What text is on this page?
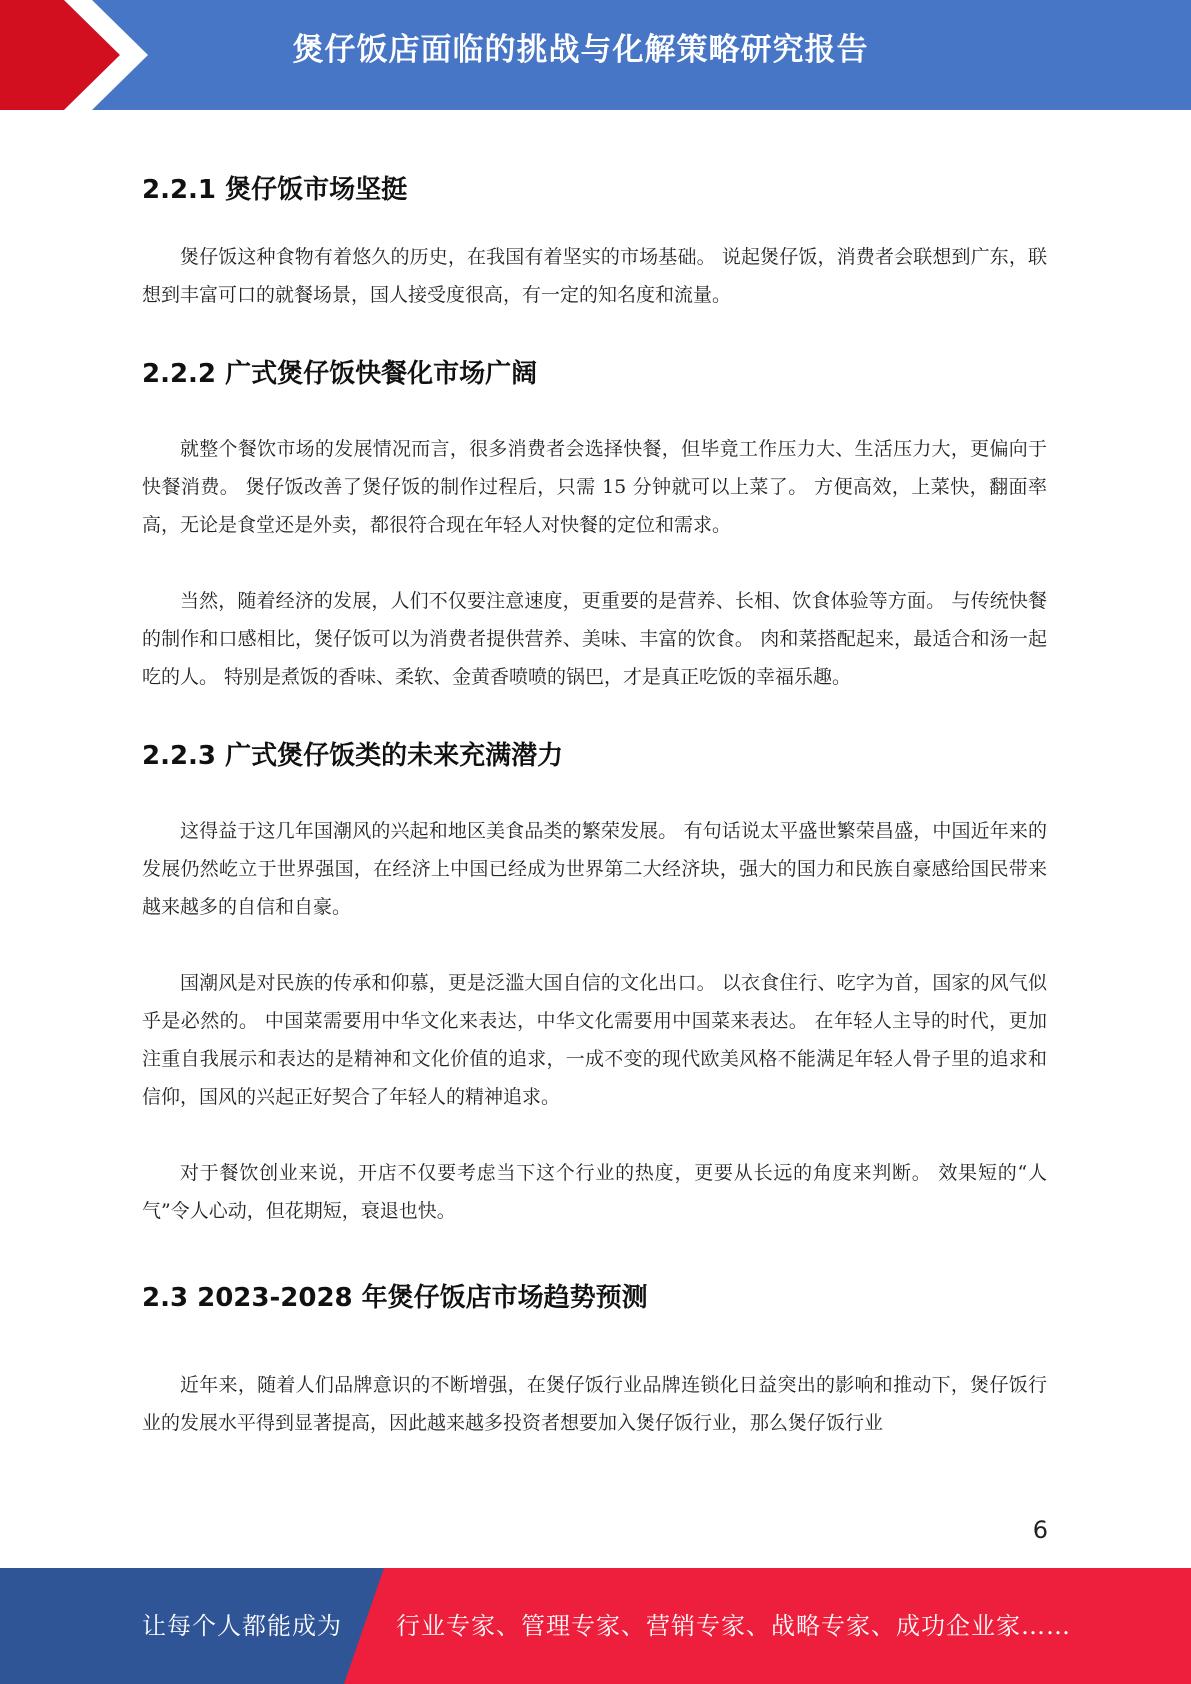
煲仔饭店面临的挑战与化解策略研究报告
2.2.1 煲仔饭市场坚挺

煲仔饭这种食物有着悠久的历史，在我国有着坚实的市场基础。 说起煲仔饭，消费者会联想到广东，联想到丰富可口的就餐场景，国人接受度很高，有一定的知名度和流量。

2.2.2 广式煲仔饭快餐化市场广阔

就整个餐饮市场的发展情况而言，很多消费者会选择快餐，但毕竟工作压力大、生活压力大，更偏向于快餐消费。 煲仔饭改善了煲仔饭的制作过程后，只需 15 分钟就可以上菜了。 方便高效，上菜快，翻面率高，无论是食堂还是外卖，都很符合现在年轻人对快餐的定位和需求。

当然，随着经济的发展，人们不仅要注意速度，更重要的是营养、长相、饮食体验等方面。 与传统快餐的制作和口感相比，煲仔饭可以为消费者提供营养、美味、丰富的饮食。 肉和菜搭配起来，最适合和汤一起吃的人。 特别是煮饭的香味、柔软、金黄香喷喷的锅巴，才是真正吃饭的幸福乐趣。

2.2.3 广式煲仔饭类的未来充满潜力

这得益于这几年国潮风的兴起和地区美食品类的繁荣发展。 有句话说太平盛世繁荣昌盛，中国近年来的发展仍然屹立于世界强国，在经济上中国已经成为世界第二大经济块，强大的国力和民族自豪感给国民带来越来越多的自信和自豪。

国潮风是对民族的传承和仰慕，更是泛滥大国自信的文化出口。 以衣食住行、吃字为首，国家的风气似乎是必然的。 中国菜需要用中华文化来表达，中华文化需要用中国菜来表达。 在年轻人主导的时代，更加注重自我展示和表达的是精神和文化价值的追求，一成不变的现代欧美风格不能满足年轻人骨子里的追求和信仰，国风的兴起正好契合了年轻人的精神追求。

对于餐饮创业来说，开店不仅要考虑当下这个行业的热度，更要从长远的角度来判断。 效果短的“人气”令人心动，但花期短，衰退也快。

2.3 2023-2028 年煲仔饭店市场趋势预测

近年来，随着人们品牌意识的不断增强，在煲仔饭行业品牌连锁化日益突出的影响和推动下，煲仔饭行业的发展水平得到显著提高，因此越来越多投资者想要加入煲仔饭行业，那么煲仔饭行业

6
让每个人都能成为 行业专家、管理专家、营销专家、战略专家、成功企业家……
